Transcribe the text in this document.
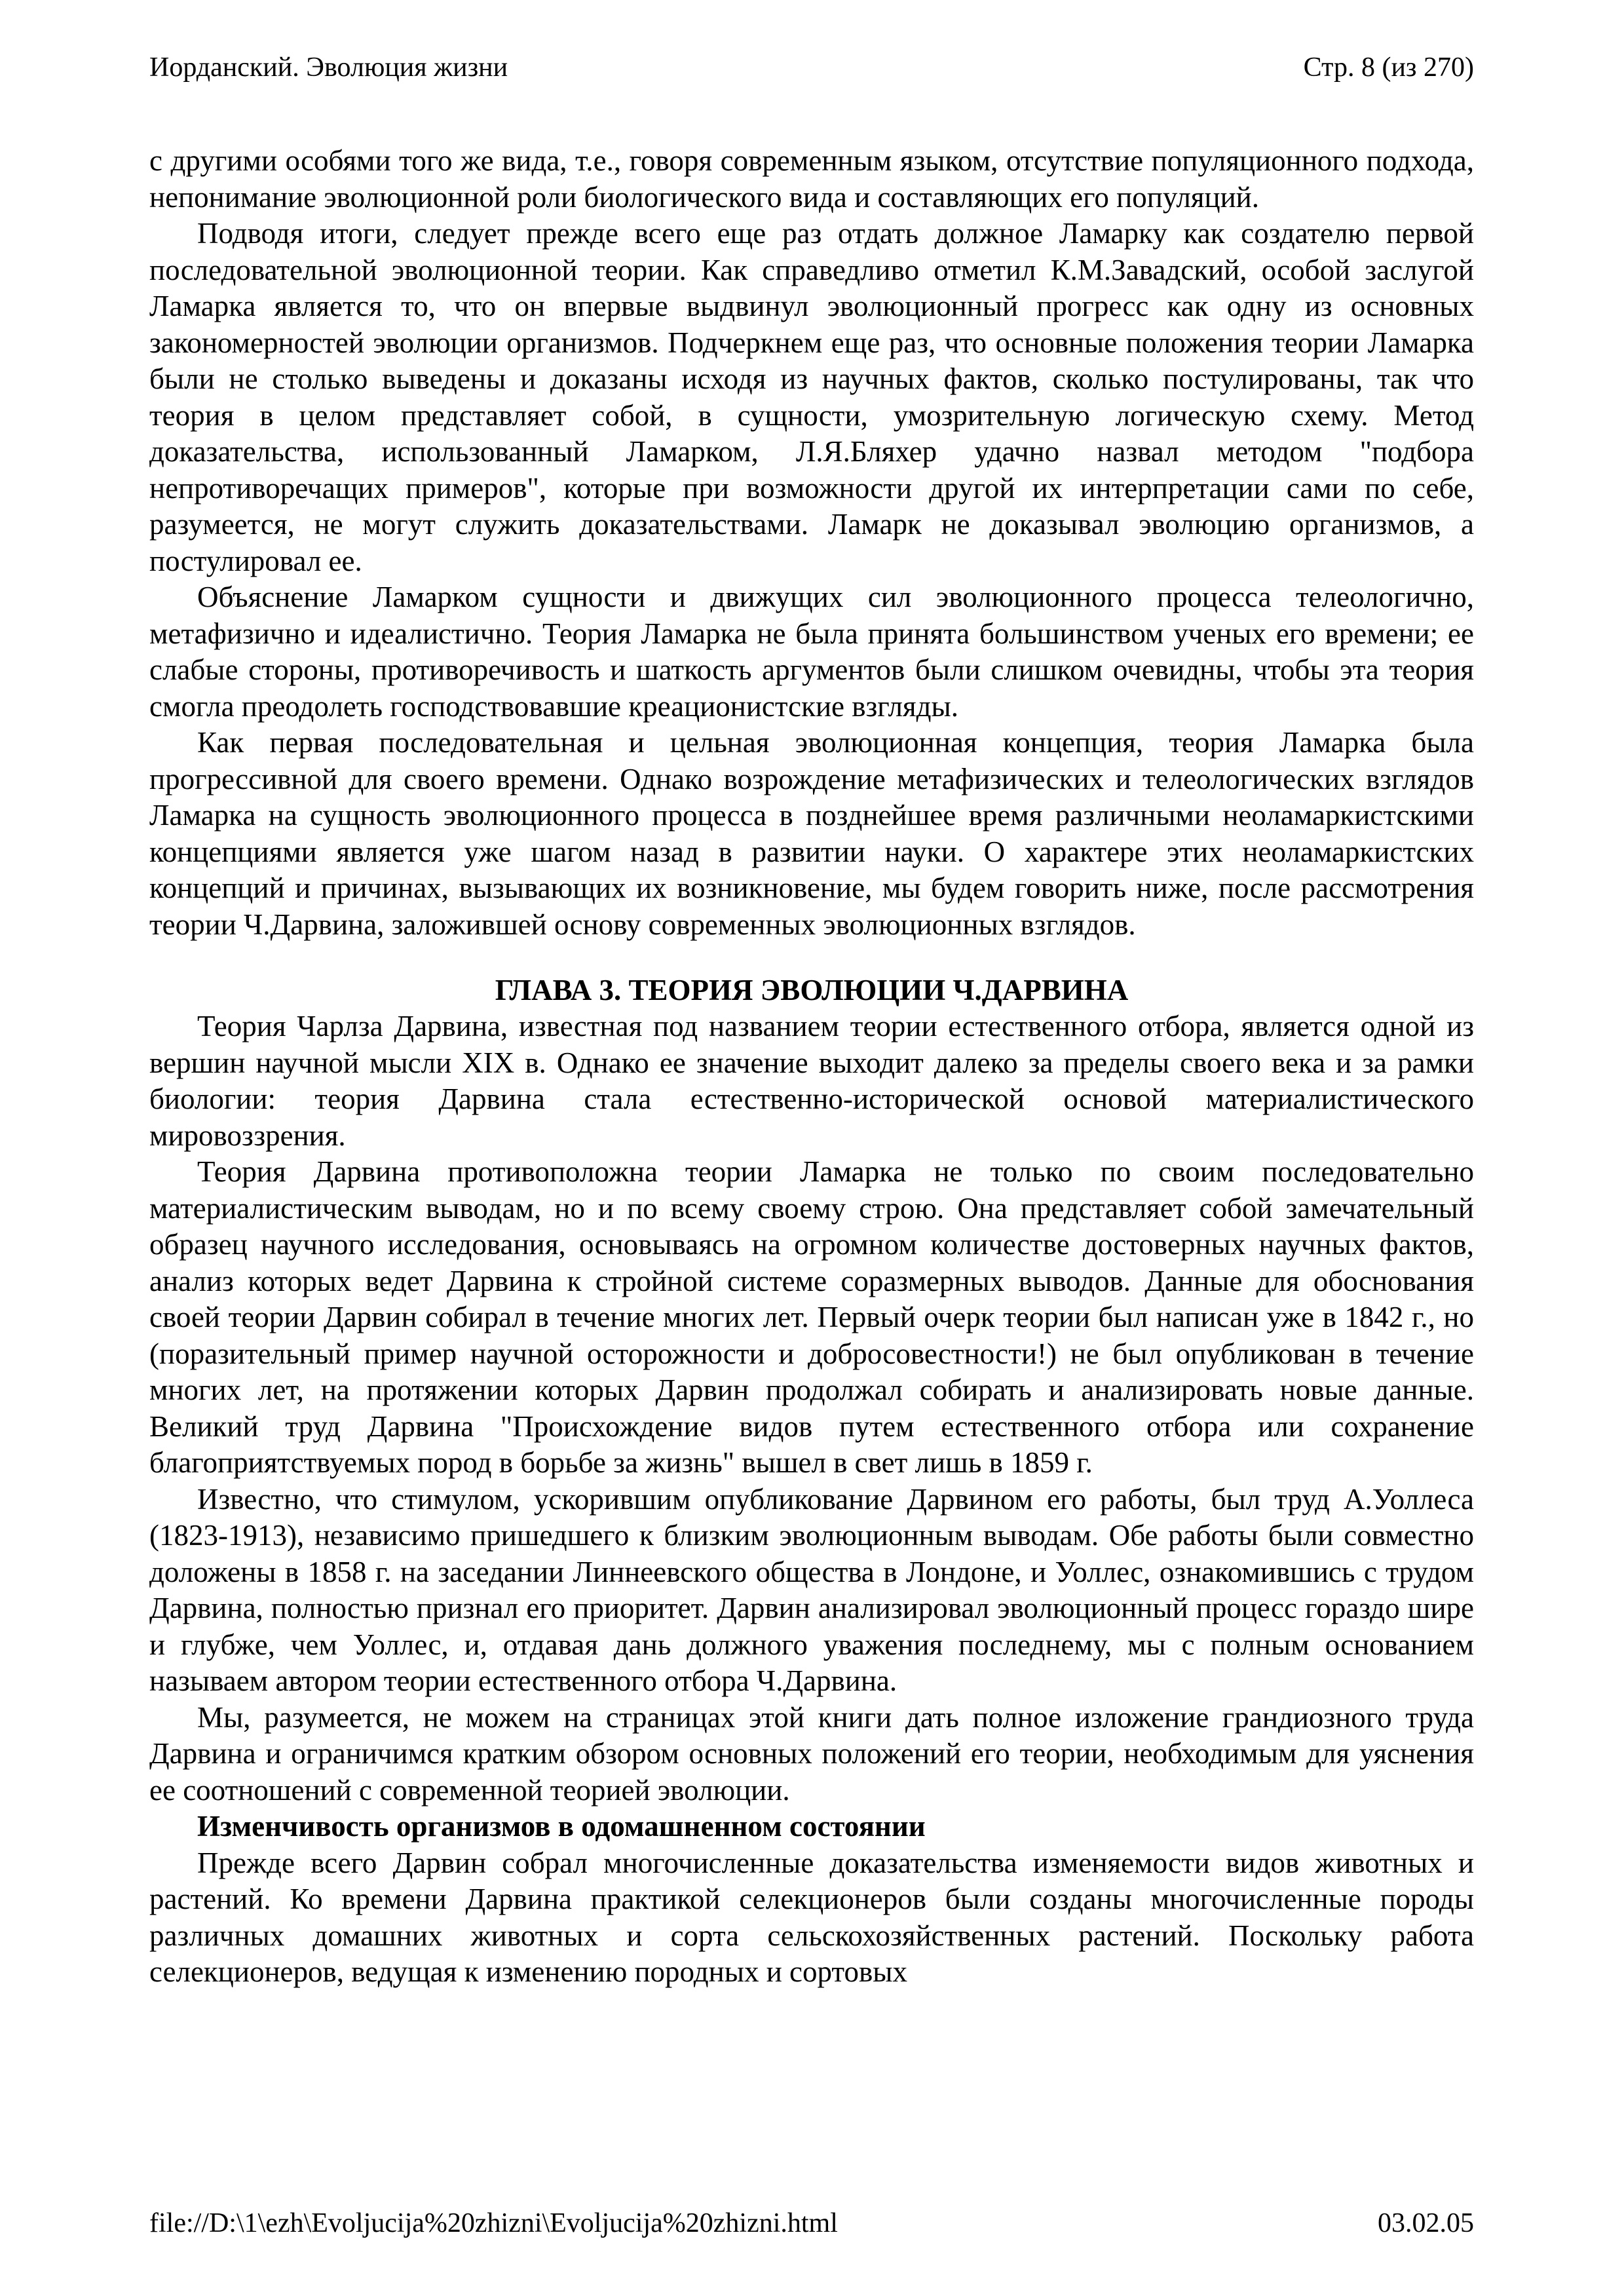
Иорданский. Эволюция жизни	Стр. 8 (из 270)

с другими особями того же вида, т.е., говоря современным языком, отсутствие популяционного подхода, непонимание эволюционной роли биологического вида и составляющих его популяций.

Подводя итоги, следует прежде всего еще раз отдать должное Ламарку как создателю первой последовательной эволюционной теории. Как справедливо отметил К.М.Завадский, особой заслугой Ламарка является то, что он впервые выдвинул эволюционный прогресс как одну из основных закономерностей эволюции организмов. Подчеркнем еще раз, что основные положения теории Ламарка были не столько выведены и доказаны исходя из научных фактов, сколько постулированы, так что теория в целом представляет собой, в сущности, умозрительную логическую схему. Метод доказательства, использованный Ламарком, Л.Я.Бляхер удачно назвал методом "подбора непротиворечащих примеров", которые при возможности другой их интерпретации сами по себе, разумеется, не могут служить доказательствами. Ламарк не доказывал эволюцию организмов, а постулировал ее.

Объяснение Ламарком сущности и движущих сил эволюционного процесса телеологично, метафизично и идеалистично. Теория Ламарка не была принята большинством ученых его времени; ее слабые стороны, противоречивость и шаткость аргументов были слишком очевидны, чтобы эта теория смогла преодолеть господствовавшие креационистские взгляды.

Как первая последовательная и цельная эволюционная концепция, теория Ламарка была прогрессивной для своего времени. Однако возрождение метафизических и телеологических взглядов Ламарка на сущность эволюционного процесса в позднейшее время различными неоламаркистскими концепциями является уже шагом назад в развитии науки. О характере этих неоламаркистских концепций и причинах, вызывающих их возникновение, мы будем говорить ниже, после рассмотрения теории Ч.Дарвина, заложившей основу современных эволюционных взглядов.

ГЛАВА 3. ТЕОРИЯ ЭВОЛЮЦИИ Ч.ДАРВИНА

Теория Чарлза Дарвина, известная под названием теории естественного отбора, является одной из вершин научной мысли XIX в. Однако ее значение выходит далеко за пределы своего века и за рамки биологии: теория Дарвина стала естественно-исторической основой материалистического мировоззрения.

Теория Дарвина противоположна теории Ламарка не только по своим последовательно материалистическим выводам, но и по всему своему строю. Она представляет собой замечательный образец научного исследования, основываясь на огромном количестве достоверных научных фактов, анализ которых ведет Дарвина к стройной системе соразмерных выводов. Данные для обоснования своей теории Дарвин собирал в течение многих лет. Первый очерк теории был написан уже в 1842 г., но (поразительный пример научной осторожности и добросовестности!) не был опубликован в течение многих лет, на протяжении которых Дарвин продолжал собирать и анализировать новые данные. Великий труд Дарвина "Происхождение видов путем естественного отбора или сохранение благоприятствуемых пород в борьбе за жизнь" вышел в свет лишь в 1859 г.

Известно, что стимулом, ускорившим опубликование Дарвином его работы, был труд А.Уоллеса (1823-1913), независимо пришедшего к близким эволюционным выводам. Обе работы были совместно доложены в 1858 г. на заседании Линнеевского общества в Лондоне, и Уоллес, ознакомившись с трудом Дарвина, полностью признал его приоритет. Дарвин анализировал эволюционный процесс гораздо шире и глубже, чем Уоллес, и, отдавая дань должного уважения последнему, мы с полным основанием называем автором теории естественного отбора Ч.Дарвина.

Мы, разумеется, не можем на страницах этой книги дать полное изложение грандиозного труда Дарвина и ограничимся кратким обзором основных положений его теории, необходимым для уяснения ее соотношений с современной теорией эволюции.

Изменчивость организмов в одомашненном состоянии

Прежде всего Дарвин собрал многочисленные доказательства изменяемости видов животных и растений. Ко времени Дарвина практикой селекционеров были созданы многочисленные породы различных домашних животных и сорта сельскохозяйственных растений. Поскольку работа селекционеров, ведущая к изменению породных и сортовых

file://D:\1\ezh\Evoljucija%20zhizni\Evoljucija%20zhizni.html	03.02.05
